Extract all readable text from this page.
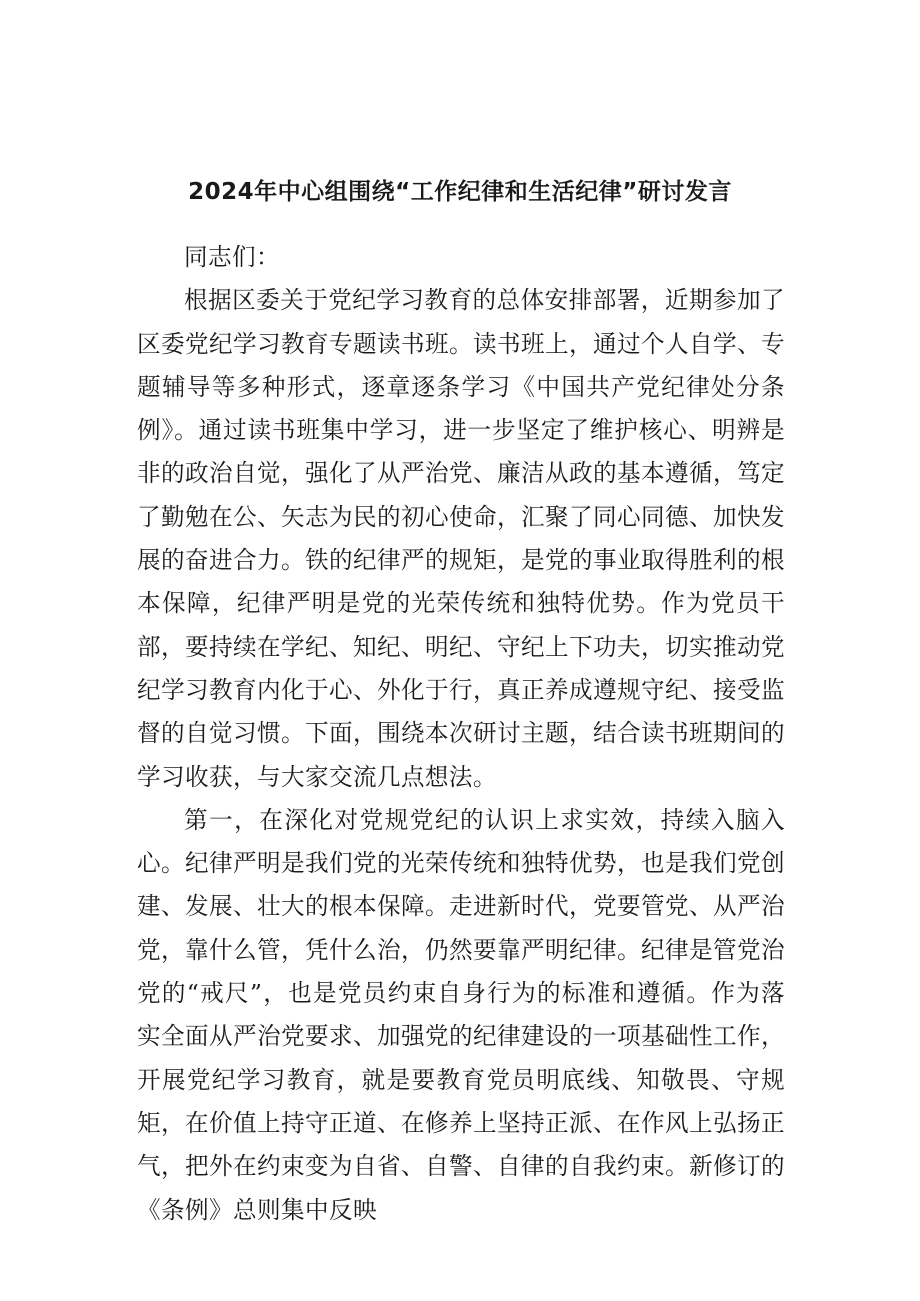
2024年中心组围绕“工作纪律和生活纪律”研讨发言

同志们：

根据区委关于党纪学习教育的总体安排部署，近期参加了区委党纪学习教育专题读书班。读书班上，通过个人自学、专题辅导等多种形式，逐章逐条学习《中国共产党纪律处分条例》。通过读书班集中学习，进一步坚定了维护核心、明辨是非的政治自觉，强化了从严治党、廉洁从政的基本遵循，笃定了勤勉在公、矢志为民的初心使命，汇聚了同心同德、加快发展的奋进合力。铁的纪律严的规矩，是党的事业取得胜利的根本保障，纪律严明是党的光荣传统和独特优势。作为党员干部，要持续在学纪、知纪、明纪、守纪上下功夫，切实推动党纪学习教育内化于心、外化于行，真正养成遵规守纪、接受监督的自觉习惯。下面，围绕本次研讨主题，结合读书班期间的学习收获，与大家交流几点想法。

第一，在深化对党规党纪的认识上求实效，持续入脑入心。纪律严明是我们党的光荣传统和独特优势，也是我们党创建、发展、壮大的根本保障。走进新时代，党要管党、从严治党，靠什么管，凭什么治，仍然要靠严明纪律。纪律是管党治党的“戒尺”，也是党员约束自身行为的标准和遵循。作为落实全面从严治党要求、加强党的纪律建设的一项基础性工作，开展党纪学习教育，就是要教育党员明底线、知敬畏、守规矩，在价值上持守正道、在修养上坚持正派、在作风上弘扬正气，把外在约束变为自省、自警、自律的自我约束。新修订的《条例》总则集中反映
